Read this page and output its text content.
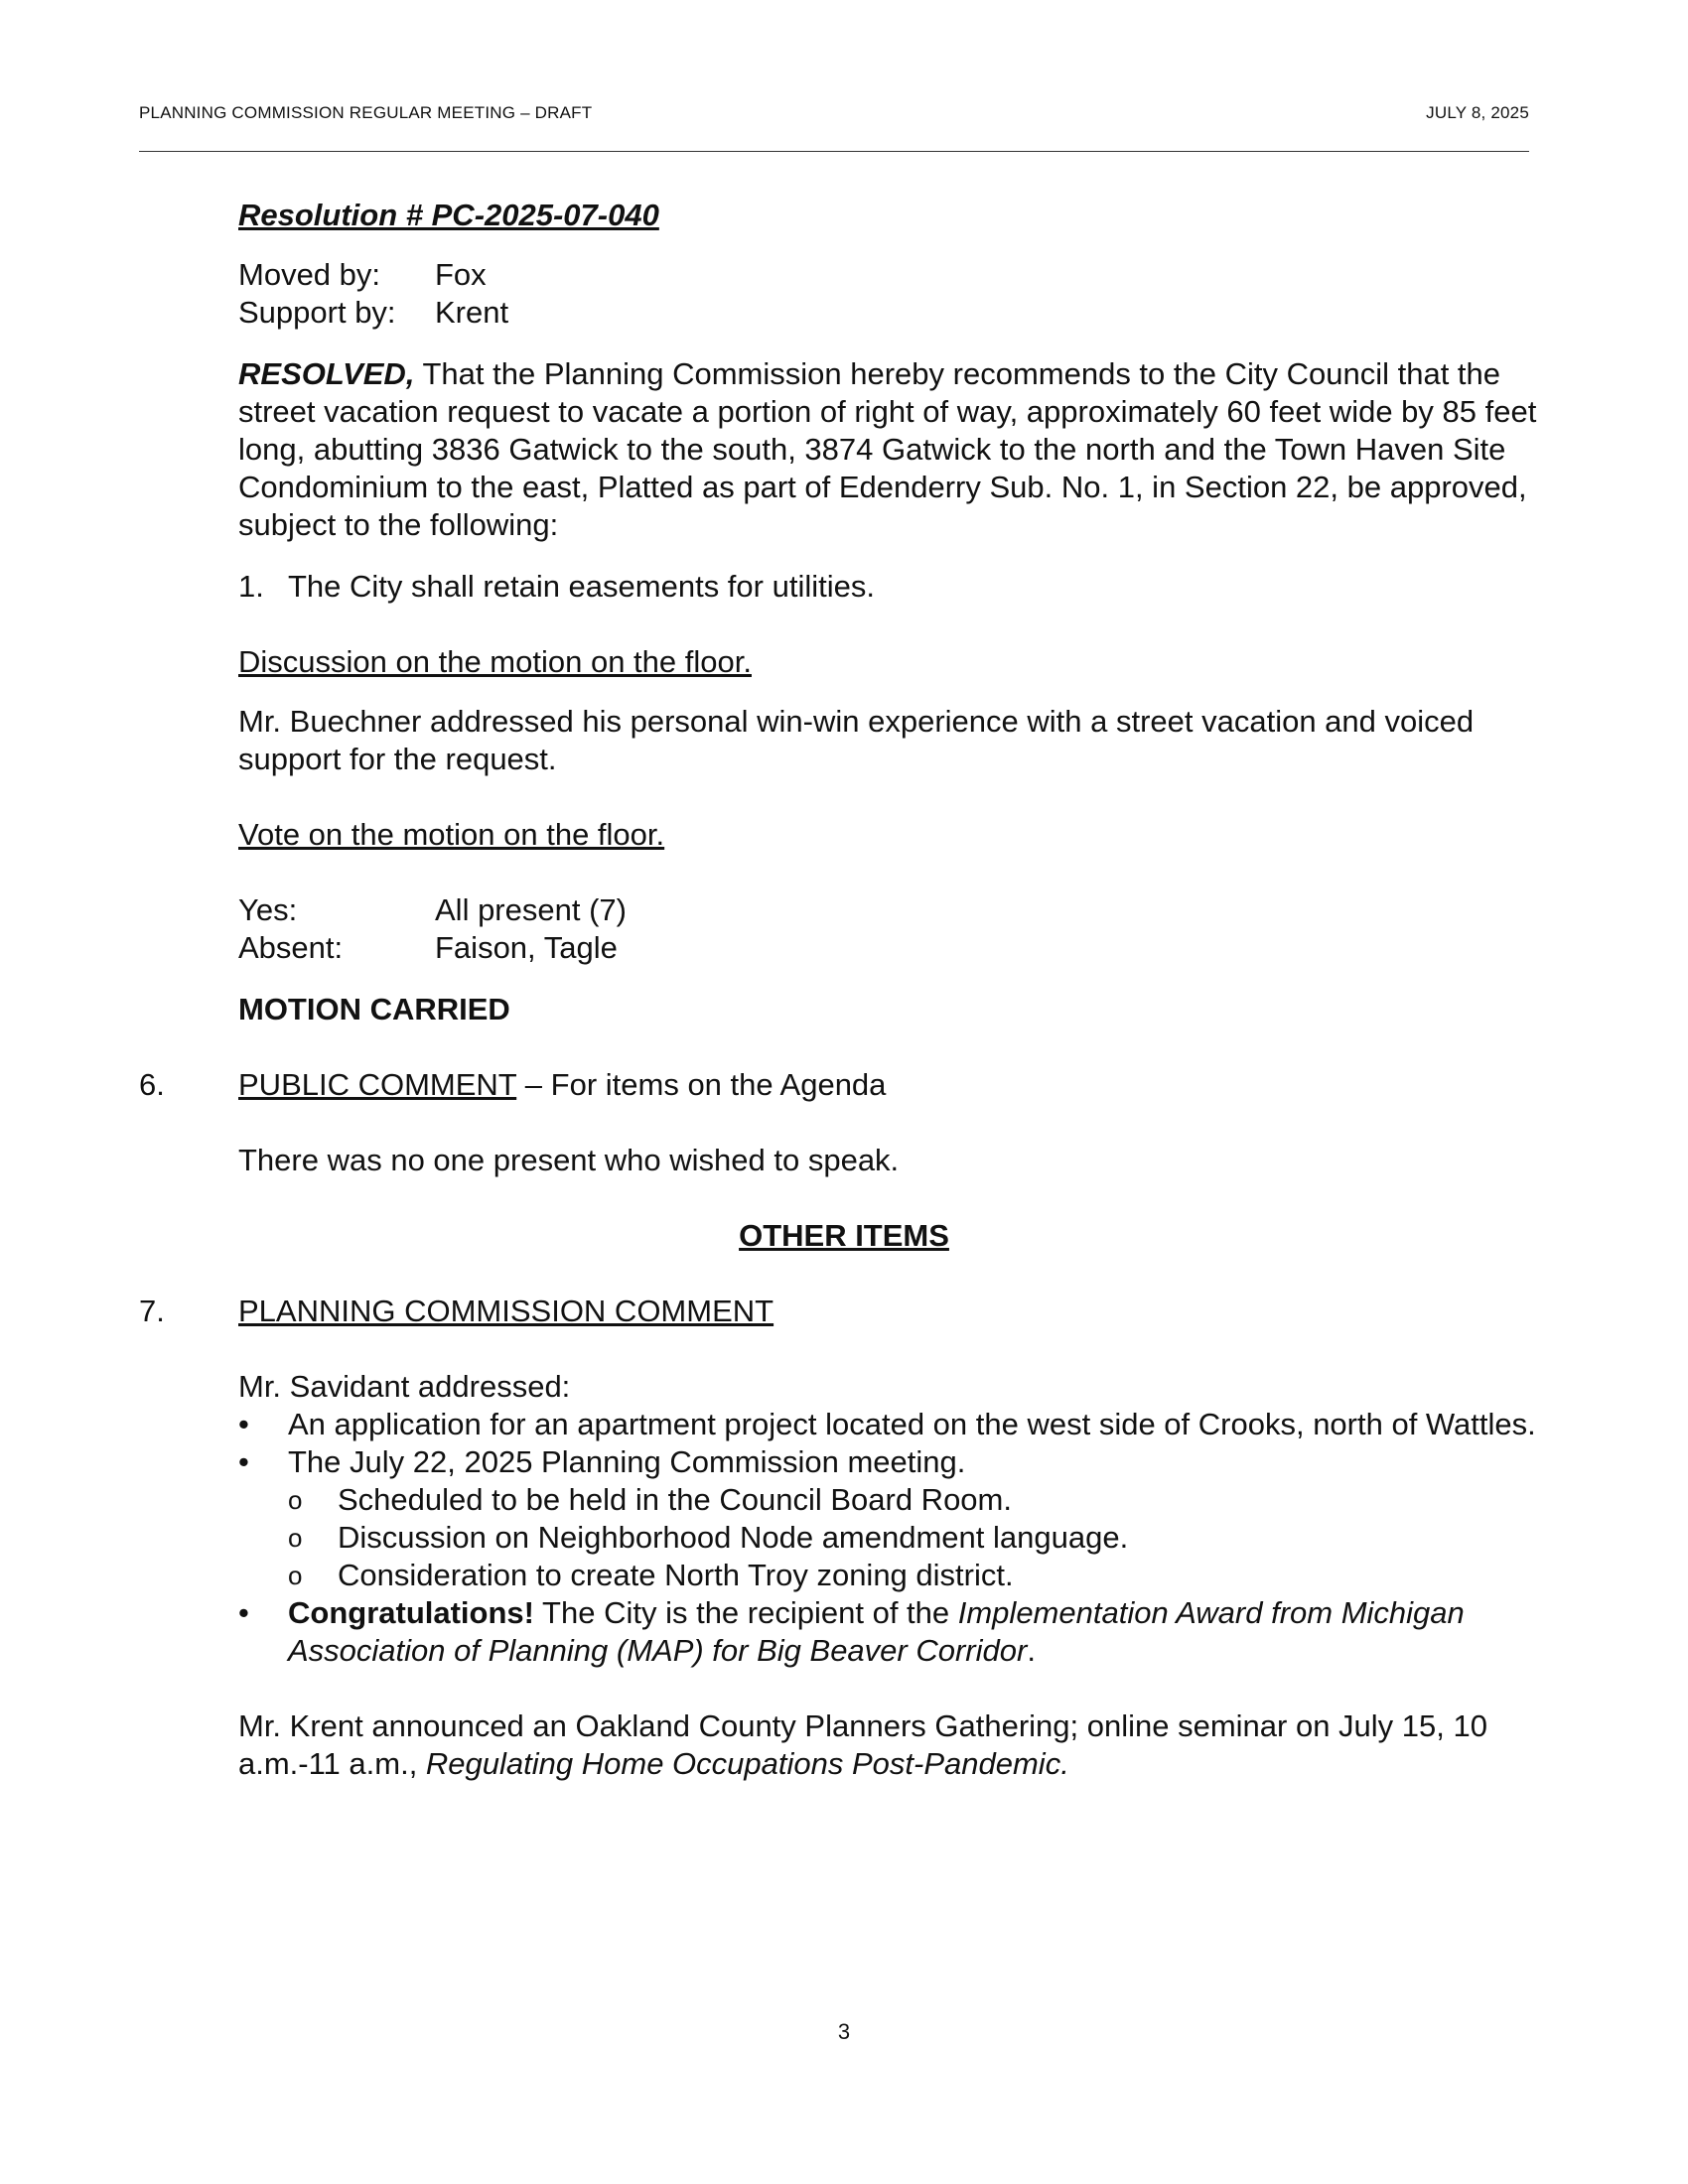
PLANNING COMMISSION REGULAR MEETING – DRAFT	JULY 8, 2025

Resolution # PC-2025-07-040

Moved by:	Fox
Support by:	Krent

RESOLVED, That the Planning Commission hereby recommends to the City Council that the street vacation request to vacate a portion of right of way, approximately 60 feet wide by 85 feet long, abutting 3836 Gatwick to the south, 3874 Gatwick to the north and the Town Haven Site Condominium to the east, Platted as part of Edenderry Sub. No. 1, in Section 22, be approved, subject to the following:

1. The City shall retain easements for utilities.

Discussion on the motion on the floor.

Mr. Buechner addressed his personal win-win experience with a street vacation and voiced support for the request.

Vote on the motion on the floor.

Yes:	All present (7)
Absent:	Faison, Tagle

MOTION CARRIED

6. PUBLIC COMMENT – For items on the Agenda

There was no one present who wished to speak.

OTHER ITEMS

7. PLANNING COMMISSION COMMENT

Mr. Savidant addressed:

• An application for an apartment project located on the west side of Crooks, north of Wattles.
• The July 22, 2025 Planning Commission meeting.
o Scheduled to be held in the Council Board Room.
o Discussion on Neighborhood Node amendment language.
o Consideration to create North Troy zoning district.
• Congratulations! The City is the recipient of the Implementation Award from Michigan Association of Planning (MAP) for Big Beaver Corridor.

Mr. Krent announced an Oakland County Planners Gathering; online seminar on July 15, 10 a.m.-11 a.m., Regulating Home Occupations Post-Pandemic.

3
